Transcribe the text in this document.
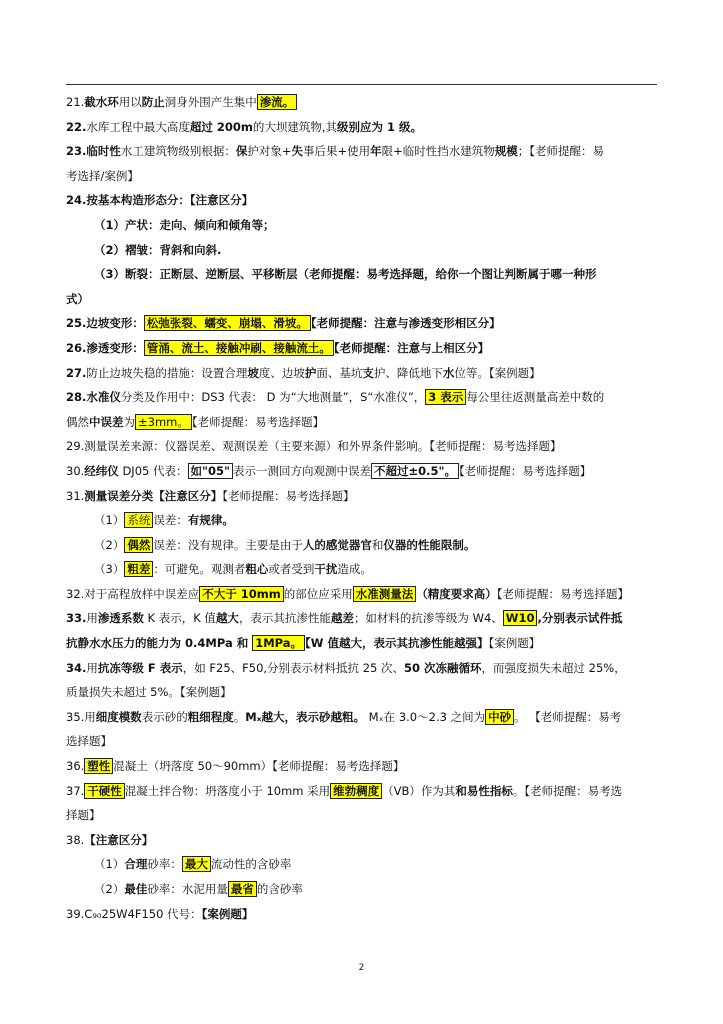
21.截水环用以防止洞身外围产生集中 渗流。
22.水库工程中最大高度超过 200m的大坝建筑物,其级别应为 1 级。
23.临时性水工建筑物级别根据：保护对象+失事后果+使用年限+临时性挡水建筑物规模；【老师提醒：易
考选择/案例】
24.按基本构造形态分：【注意区分】
（1）产状：走向、倾向和倾角等；
（2）褶皱：背斜和向斜.
（3）断裂：正断层、逆断层、平移断层（老师提醒：易考选择题，给你一个图让判断属于哪一种形
式）
25.边坡变形： 松弛张裂、蠕变、崩塌、滑坡。 【老师提醒：注意与渗透变形相区分】
26.渗透变形： 管涌、流土、接触冲刷、接触流土。 【老师提醒：注意与上相区分】
27.防止边坡失稳的措施：设置合理坡度、边坡护面、基坑支护、降低地下水位等。【案例题】
28.水准仪分类及作用中：DS3 代表： D 为“大地测量”，S“水准仪”， 3 表示 每公里往返测量高差中数的
偶然中误差为 ±3mm。 【老师提醒：易考选择题】
29.测量误差来源：仪器误差、观测误差（主要来源）和外界条件影响。【老师提醒：易考选择题】
30.经纬仪 DJ05 代表： 如"05" 表示一测回方向观测中误差 不超过±0.5"。 【老师提醒：易考选择题】
31.测量误差分类【注意区分】【老师提醒：易考选择题】
（1） 系统 误差：有规律。
（2） 偶然 误差：没有规律。主要是由于人的感觉器官和仪器的性能限制。
（3） 粗差 ：可避免。观测者粗心或者受到干扰造成。
32.对于高程放样中误差应 不大于 10mm 的部位应采用 水准测量法 （精度要求高）【老师提醒：易考选择题】
33.用渗透系数 K 表示，K 值越大，表示其抗渗性能越差；如材料的抗渗等级为 W4、 W10 ,分别表示试件抵
抗静水水压力的能力为 0.4MPa 和 1MPa。 【W 值越大，表示其抗渗性能越强】【案例题】
34.用抗冻等级 F 表示，如 F25、F50,分别表示材料抵抗 25 次、50 次冻融循环，而强度损失未超过 25%，
质量损失未超过 5%。【案例题】
35.用细度模数表示砂的粗细程度。Mₓ越大，表示砂越粗。 Mₓ在 3.0～2.3 之间为 中砂 。 【老师提醒：易考
选择题】
36. 塑性 混凝土（坍落度 50～90mm）【老师提醒：易考选择题】
37. 干硬性 混凝土拌合物：坍落度小于 10mm 采用 维勃稠度 （VB）作为其和易性指标。【老师提醒：易考选
择题】
38.【注意区分】
（1）合理砂率： 最大 流动性的含砂率
（2）最佳砂率：水泥用量 最省 的含砂率
39.C₉₀25W4F150 代号：【案例题】
2
